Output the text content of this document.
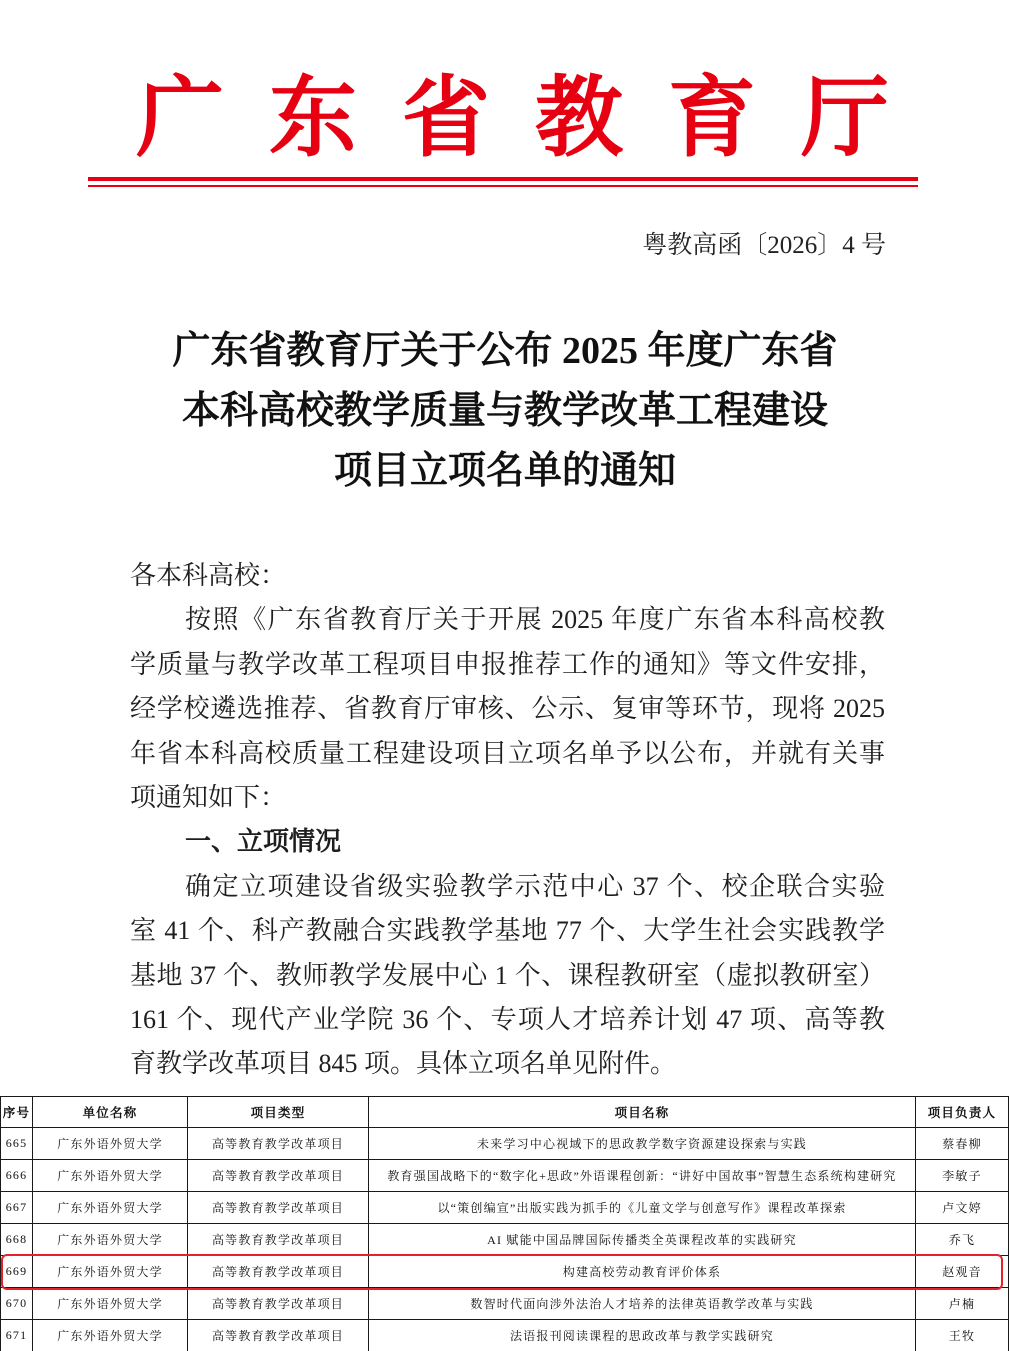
广东省教育厅
粤教高函〔2026〕4 号
广东省教育厅关于公布 2025 年度广东省
本科高校教学质量与教学改革工程建设
项目立项名单的通知
各本科高校：
按照《广东省教育厅关于开展 2025 年度广东省本科高校教
学质量与教学改革工程项目申报推荐工作的通知》等文件安排，
经学校遴选推荐、省教育厅审核、公示、复审等环节，现将 2025
年省本科高校质量工程建设项目立项名单予以公布，并就有关事
项通知如下：
一、立项情况
确定立项建设省级实验教学示范中心 37 个、校企联合实验
室 41 个、科产教融合实践教学基地 77 个、大学生社会实践教学
基地 37 个、教师教学发展中心 1 个、课程教研室（虚拟教研室）
161 个、现代产业学院 36 个、专项人才培养计划 47 项、高等教
育教学改革项目 845 项。具体立项名单见附件。
序号	单位名称	项目类型	项目名称	项目负责人
665	广东外语外贸大学	高等教育教学改革项目	未来学习中心视域下的思政教学数字资源建设探索与实践	蔡春柳
666	广东外语外贸大学	高等教育教学改革项目	教育强国战略下的“数字化+思政”外语课程创新：“讲好中国故事”智慧生态系统构建研究	李敏子
667	广东外语外贸大学	高等教育教学改革项目	以“策创编宣”出版实践为抓手的《儿童文学与创意写作》课程改革探索	卢文婷
668	广东外语外贸大学	高等教育教学改革项目	AI 赋能中国品牌国际传播类全英课程改革的实践研究	乔飞
669	广东外语外贸大学	高等教育教学改革项目	构建高校劳动教育评价体系	赵观音
670	广东外语外贸大学	高等教育教学改革项目	数智时代面向涉外法治人才培养的法律英语教学改革与实践	卢楠
671	广东外语外贸大学	高等教育教学改革项目	法语报刊阅读课程的思政改革与教学实践研究	王牧
